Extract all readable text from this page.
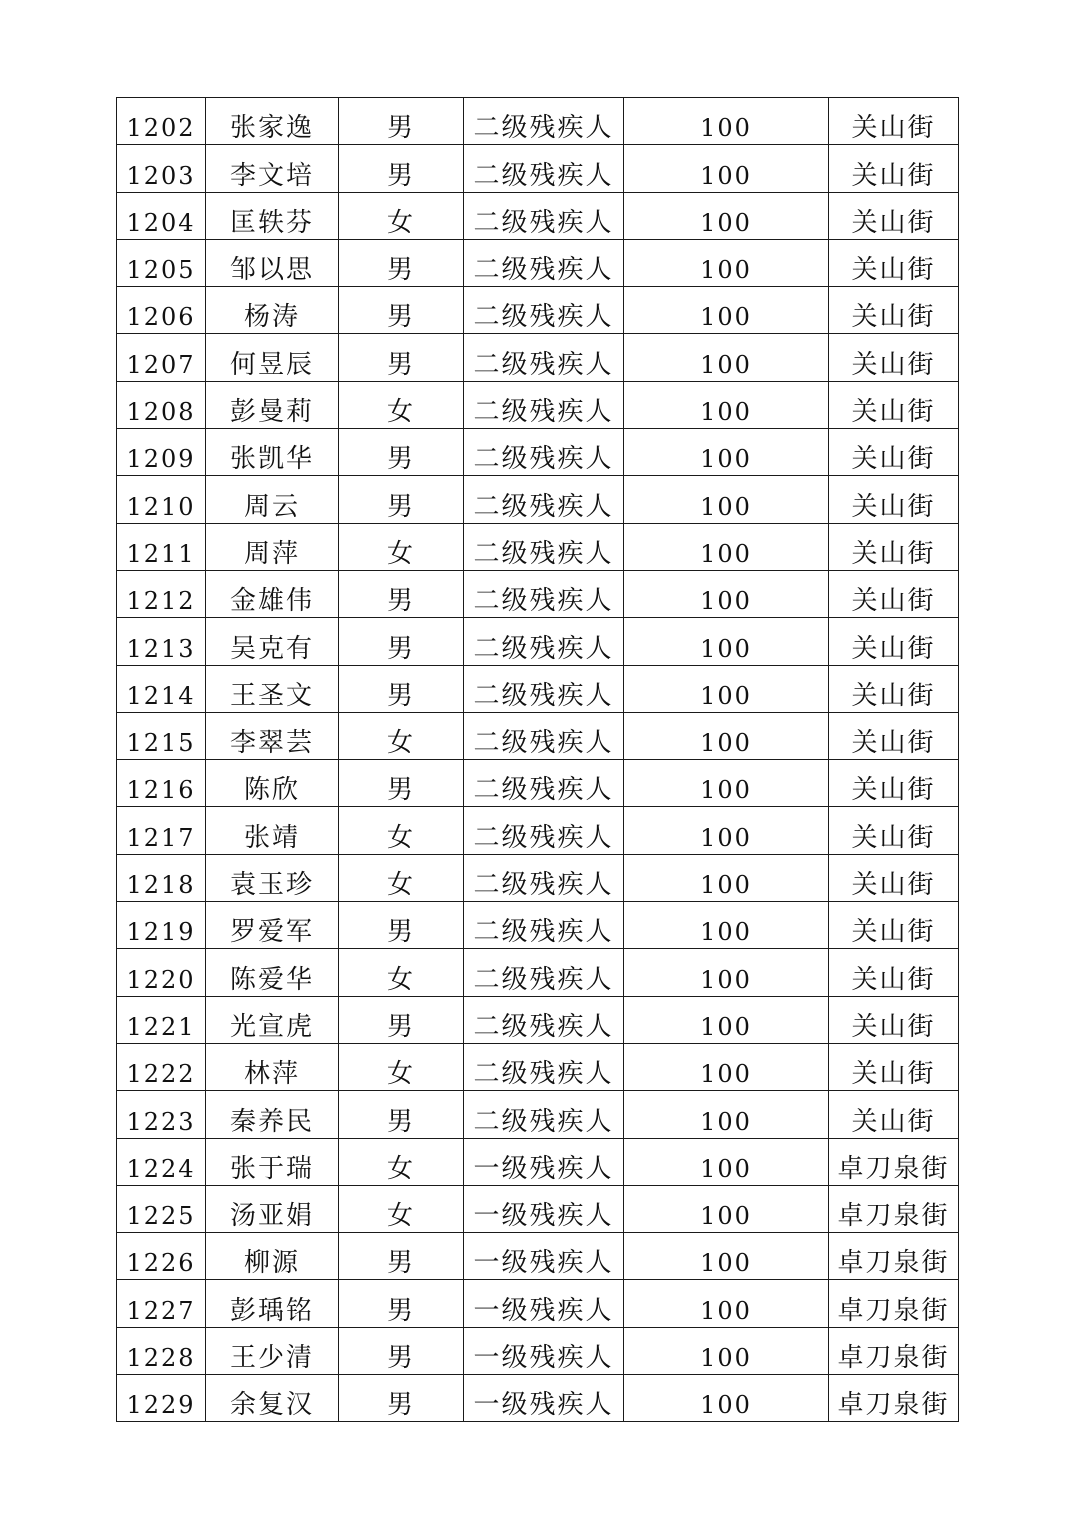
1202	张家逸	男	二级残疾人	100	关山街
1203	李文培	男	二级残疾人	100	关山街
1204	匡轶芬	女	二级残疾人	100	关山街
1205	邹以思	男	二级残疾人	100	关山街
1206	杨涛	男	二级残疾人	100	关山街
1207	何昱辰	男	二级残疾人	100	关山街
1208	彭曼莉	女	二级残疾人	100	关山街
1209	张凯华	男	二级残疾人	100	关山街
1210	周云	男	二级残疾人	100	关山街
1211	周萍	女	二级残疾人	100	关山街
1212	金雄伟	男	二级残疾人	100	关山街
1213	吴克有	男	二级残疾人	100	关山街
1214	王圣文	男	二级残疾人	100	关山街
1215	李翠芸	女	二级残疾人	100	关山街
1216	陈欣	男	二级残疾人	100	关山街
1217	张靖	女	二级残疾人	100	关山街
1218	袁玉珍	女	二级残疾人	100	关山街
1219	罗爱军	男	二级残疾人	100	关山街
1220	陈爱华	女	二级残疾人	100	关山街
1221	光宣虎	男	二级残疾人	100	关山街
1222	林萍	女	二级残疾人	100	关山街
1223	秦养民	男	二级残疾人	100	关山街
1224	张于瑞	女	一级残疾人	100	卓刀泉街
1225	汤亚娟	女	一级残疾人	100	卓刀泉街
1226	柳源	男	一级残疾人	100	卓刀泉街
1227	彭瑀铭	男	一级残疾人	100	卓刀泉街
1228	王少清	男	一级残疾人	100	卓刀泉街
1229	余复汉	男	一级残疾人	100	卓刀泉街
